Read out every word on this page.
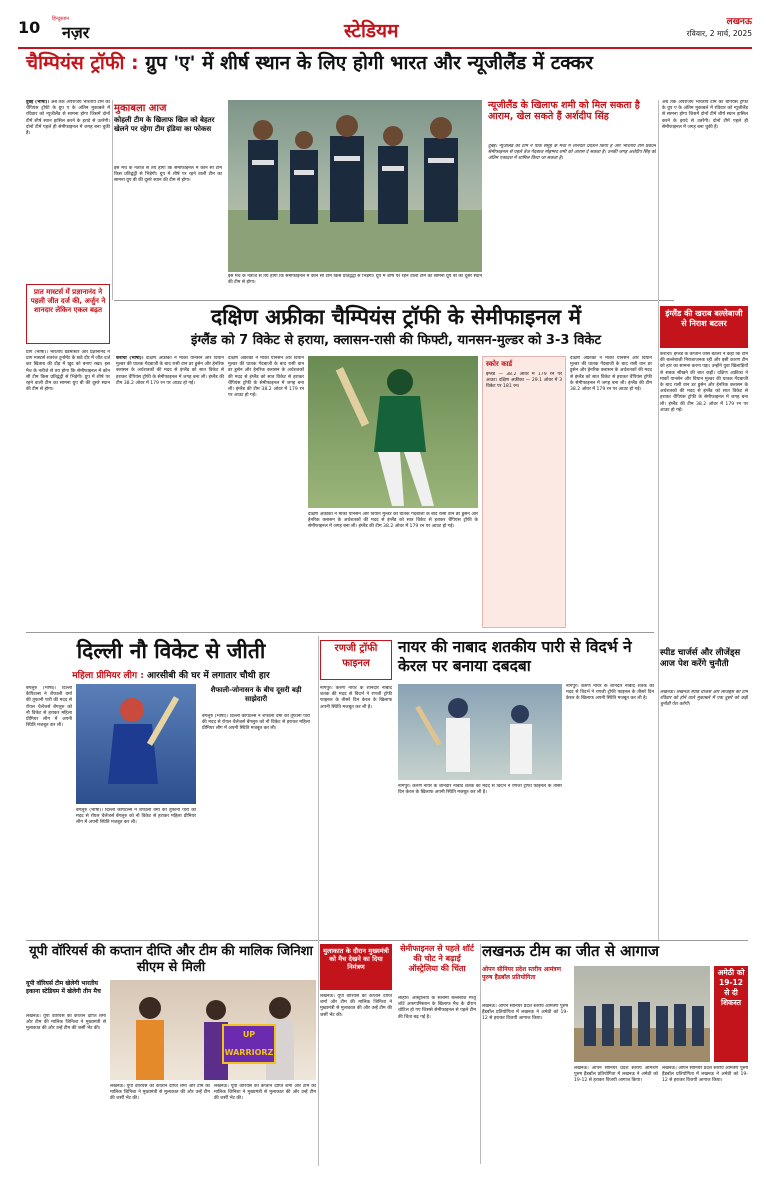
10 हिन्दुस्तान
नज़र	स्टेडियम	लखनऊ
रविवार, 2 मार्च, 2025
चैम्पियंस ट्रॉफी : ग्रुप 'ए' में शीर्ष स्थान के लिए होगी भारत और न्यूजीलैंड में टक्कर
दुबई (भाषा)। अब तक अपराजेय भारतीय टीम का चैंपियंस ट्रॉफी के ग्रुप ए के अंतिम मुकाबले में रविवार को न्यूजीलैंड से सामना होगा जिसमें दोनों टीमें शीर्ष स्थान हासिल करने के इरादे से उतरेंगी। दोनों टीमें पहले ही सेमीफाइनल में जगह बना चुकी हैं।
प्रात मास्टर्स में प्रज्ञानानंद ने पहली जीत दर्ज की, अर्जुन ने शानदार लेकिन एकल बढ़त
मुकाबला आज
कोहली टीम के खिलाफ खिल को बेहतर खेलने पर रहेगा टीम इंडिया का फोकस
इस मैच के नतीजे से तय होगा कि सेमीफाइनल में कौन सी टीम किस प्रतिद्वंद्वी से भिड़ेगी। ग्रुप में शीर्ष पर रहने वाली टीम का सामना ग्रुप बी की दूसरे स्थान की टीम से होगा।
इस मैच के नतीजे से तय होगा कि सेमीफाइनल में कौन सी टीम किस प्रतिद्वंद्वी से भिड़ेगी। ग्रुप में शीर्ष पर रहने वाली टीम का सामना ग्रुप बी की दूसरे स्थान की टीम से होगा।
न्यूजीलैंड के खिलाफ शमी को मिल सकता है आराम, खेल सकते हैं अर्शदीप सिंह
दुबई। न्यूजीलैंड की टीम ने पाक समूह के मैचों में शानदार प्रदर्शन किया है और भारतीय टीम प्रबंधन सेमीफाइनल से पहले तेज गेंदबाज मोहम्मद शमी को आराम दे सकता है। उनकी जगह अर्शदीप सिंह को अंतिम एकादश में शामिल किया जा सकता है।
अब तक अपराजेय भारतीय टीम का चैंपियंस ट्रॉफी के ग्रुप ए के अंतिम मुकाबले में रविवार को न्यूजीलैंड से सामना होगा जिसमें दोनों टीमें शीर्ष स्थान हासिल करने के इरादे से उतरेंगी। दोनों टीमें पहले ही सेमीफाइनल में जगह बना चुकी हैं।
दक्षिण अफ्रीका चैम्पियंस ट्रॉफी के सेमीफाइनल में
इंग्लैंड को 7 विकेट से हराया, क्लासन-रासी की फिफ्टी, यानसन-मुल्डर को 3-3 विकेट
प्राग (भाषा)। भारतीय ग्रैंडमास्टर आर प्रज्ञानानंद ने प्राग मास्टर्स शतरंज टूर्नामेंट के छठे दौर में जीत दर्ज कर खिताब की दौड़ में खुद को बनाए रखा। इस मैच के नतीजे से तय होगा कि सेमीफाइनल में कौन सी टीम किस प्रतिद्वंद्वी से भिड़ेगी। ग्रुप में शीर्ष पर रहने वाली टीम का सामना ग्रुप बी की दूसरे स्थान की टीम से होगा।
कराची (भाषा)। दक्षिण अफ्रीका ने मार्को यानसेन और वियान मुल्डर की घातक गेंदबाजी के बाद रासी वान डर डुसेन और हेनरिक क्लासन के अर्धशतकों की मदद से इंग्लैंड को सात विकेट से हराकर चैंपियंस ट्रॉफी के सेमीफाइनल में जगह बना ली। इंग्लैंड की टीम 38.2 ओवर में 179 रन पर आउट हो गई।
दक्षिण अफ्रीका ने मार्को यानसेन और वियान मुल्डर की घातक गेंदबाजी के बाद रासी वान डर डुसेन और हेनरिक क्लासन के अर्धशतकों की मदद से इंग्लैंड को सात विकेट से हराकर चैंपियंस ट्रॉफी के सेमीफाइनल में जगह बना ली। इंग्लैंड की टीम 38.2 ओवर में 179 रन पर आउट हो गई।
दक्षिण अफ्रीका ने मार्को यानसेन और वियान मुल्डर की घातक गेंदबाजी के बाद रासी वान डर डुसेन और हेनरिक क्लासन के अर्धशतकों की मदद से इंग्लैंड को सात विकेट से हराकर चैंपियंस ट्रॉफी के सेमीफाइनल में जगह बना ली। इंग्लैंड की टीम 38.2 ओवर में 179 रन पर आउट हो गई।
स्कोर कार्ड
इंग्लैंड — 38.2 ओवर में 179 रन पर आउट। दक्षिण अफ्रीका — 29.1 ओवर में 3 विकेट पर 181 रन।
दक्षिण अफ्रीका ने मार्को यानसेन और वियान मुल्डर की घातक गेंदबाजी के बाद रासी वान डर डुसेन और हेनरिक क्लासन के अर्धशतकों की मदद से इंग्लैंड को सात विकेट से हराकर चैंपियंस ट्रॉफी के सेमीफाइनल में जगह बना ली। इंग्लैंड की टीम 38.2 ओवर में 179 रन पर आउट हो गई।
इंग्लैंड की खराब बल्लेबाजी से निराश बटलर
कराची। इंग्लैंड के कप्तान जोस बटलर ने कहा कि टीम की बल्लेबाजी निराशाजनक रही और इसी कारण टीम को हार का सामना करना पड़ा। उन्होंने युवा खिलाड़ियों से सबक सीखने की बात कही। दक्षिण अफ्रीका ने मार्को यानसेन और वियान मुल्डर की घातक गेंदबाजी के बाद रासी वान डर डुसेन और हेनरिक क्लासन के अर्धशतकों की मदद से इंग्लैंड को सात विकेट से हराकर चैंपियंस ट्रॉफी के सेमीफाइनल में जगह बना ली। इंग्लैंड की टीम 38.2 ओवर में 179 रन पर आउट हो गई।
दिल्ली नौ विकेट से जीती
महिला प्रीमियर लीग : आरसीबी की घर में लगातार चौथी हार
बेंगलुरु (भाषा)। दिल्ली कैपिटल्स ने शैफाली वर्मा की तूफानी पारी की मदद से रॉयल चैलेंजर्स बेंगलुरु को नौ विकेट से हराकर महिला प्रीमियर लीग में अपनी स्थिति मजबूत कर ली।
बेंगलुरु (भाषा)। दिल्ली कैपिटल्स ने शैफाली वर्मा की तूफानी पारी की मदद से रॉयल चैलेंजर्स बेंगलुरु को नौ विकेट से हराकर महिला प्रीमियर लीग में अपनी स्थिति मजबूत कर ली।
शैफाली-जोनासन के बीच दूसरी बड़ी साझेदारी
बेंगलुरु (भाषा)। दिल्ली कैपिटल्स ने शैफाली वर्मा की तूफानी पारी की मदद से रॉयल चैलेंजर्स बेंगलुरु को नौ विकेट से हराकर महिला प्रीमियर लीग में अपनी स्थिति मजबूत कर ली।
रणजी ट्रॉफी
फाइनल
नायर की नाबाद शतकीय पारी से विदर्भ ने केरल पर बनाया दबदबा
नागपुर। करुण नायर के शानदार नाबाद शतक की मदद से विदर्भ ने रणजी ट्रॉफी फाइनल के तीसरे दिन केरल के खिलाफ अपनी स्थिति मजबूत कर ली है।
नागपुर। करुण नायर के शानदार नाबाद शतक की मदद से विदर्भ ने रणजी ट्रॉफी फाइनल के तीसरे दिन केरल के खिलाफ अपनी स्थिति मजबूत कर ली है।
नागपुर। करुण नायर के शानदार नाबाद शतक की मदद से विदर्भ ने रणजी ट्रॉफी फाइनल के तीसरे दिन केरल के खिलाफ अपनी स्थिति मजबूत कर ली है।
स्पीड चार्जर्स और लीजेंड्स आज पेश करेंगे चुनौती
लखनऊ। लखनऊ स्पीड चार्जर्स और लीजेंड्स की टीमें रविवार को होने वाले मुकाबले में एक दूसरे को कड़ी चुनौती पेश करेंगी।
यूपी वॉरियर्स की कप्तान दीप्ति और टीम की मालिक जिनिशा सीएम से मिली
यूपी वॉरियर्स टीम खेलेगी भारतीय इकाना स्टेडियम में खेलेगी तीन मैच
लखनऊ। यूपी वॉरियर्स की कप्तान दीप्ति शर्मा और टीम की मालिक जिनिशा ने मुख्यमंत्री से मुलाकात की और उन्हें टीम की जर्सी भेंट की।
UP WARRIORZ
लखनऊ। यूपी वॉरियर्स की कप्तान दीप्ति शर्मा और टीम की मालिक जिनिशा ने मुख्यमंत्री से मुलाकात की और उन्हें टीम की जर्सी भेंट की।
लखनऊ। यूपी वॉरियर्स की कप्तान दीप्ति शर्मा और टीम की मालिक जिनिशा ने मुख्यमंत्री से मुलाकात की और उन्हें टीम की जर्सी भेंट की।
मुलाकात के दौरान मुख्यमंत्री को मैच देखने का दिया निमंत्रण
लखनऊ। यूपी वॉरियर्स की कप्तान दीप्ति शर्मा और टीम की मालिक जिनिशा ने मुख्यमंत्री से मुलाकात की और उन्हें टीम की जर्सी भेंट की।
सेमीफाइनल से पहले शॉर्ट की चोट ने बढ़ाई ऑस्ट्रेलिया की चिंता
लाहौर। ऑस्ट्रेलिया के सलामी बल्लेबाज मैथ्यू शॉर्ट अफगानिस्तान के खिलाफ मैच के दौरान चोटिल हो गए जिससे सेमीफाइनल से पहले टीम की चिंता बढ़ गई है।
लखनऊ टीम का जीत से आगाज
ओपन सीनियर प्रदेश स्तरीय आमंत्रण पुरुष हैंडबॉल प्रतियोगिता
लखनऊ। ओपन सीनियर प्रदेश स्तरीय आमंत्रण पुरुष हैंडबॉल प्रतियोगिता में लखनऊ ने अमेठी को 19-12 से हराकर विजयी आगाज किया।
अमेठी को 19-12 से दी शिकस्त
लखनऊ। ओपन सीनियर प्रदेश स्तरीय आमंत्रण पुरुष हैंडबॉल प्रतियोगिता में लखनऊ ने अमेठी को 19-12 से हराकर विजयी आगाज किया।
लखनऊ। ओपन सीनियर प्रदेश स्तरीय आमंत्रण पुरुष हैंडबॉल प्रतियोगिता में लखनऊ ने अमेठी को 19-12 से हराकर विजयी आगाज किया।
